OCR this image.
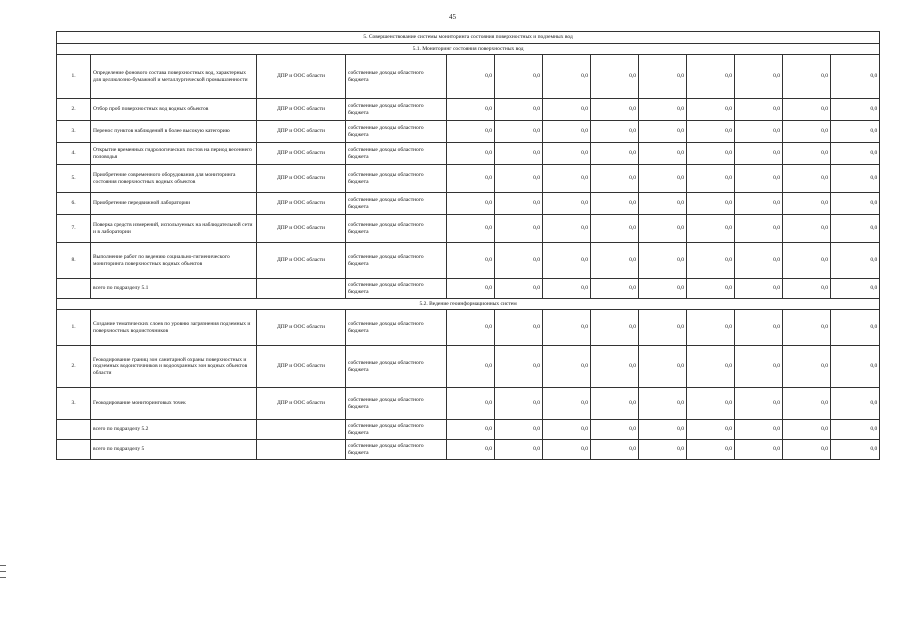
45
5. Совершенствование системы мониторинга состояния поверхностных и подземных вод												
5.1. Мониторинг состояния поверхностных вод												
1.	Определение фонового состава поверхностных вод, характерных для целлюлозно-бумажной и металлургической промышленности	ДПР и ООС области	собственные доходы областного бюджета	0,0	0,0	0,0	0,0	0,0	0,0	0,0	0,0	0,0
2.	Отбор проб поверхностных вод водных объектов	ДПР и ООС области	собственные доходы областного бюджета	0,0	0,0	0,0	0,0	0,0	0,0	0,0	0,0	0,0
3.	Перенос пунктов наблюдений в более высокую категорию	ДПР и ООС области	собственные доходы областного бюджета	0,0	0,0	0,0	0,0	0,0	0,0	0,0	0,0	0,0
4.	Открытие временных гидрологических постов на период весеннего половодья	ДПР и ООС области	собственные доходы областного бюджета	0,0	0,0	0,0	0,0	0,0	0,0	0,0	0,0	0,0
5.	Приобретение современного оборудования для мониторинга состояния поверхностных водных объектов	ДПР и ООС области	собственные доходы областного бюджета	0,0	0,0	0,0	0,0	0,0	0,0	0,0	0,0	0,0
6.	Приобретение передвижной лаборатории	ДПР и ООС области	собственные доходы областного бюджета	0,0	0,0	0,0	0,0	0,0	0,0	0,0	0,0	0,0
7.	Поверка средств измерений, используемых на наблюдательной сети и в лаборатории	ДПР и ООС области	собственные доходы областного бюджета	0,0	0,0	0,0	0,0	0,0	0,0	0,0	0,0	0,0
8.	Выполнение работ по ведению социально-гигиенического мониторинга поверхностных водных объектов	ДПР и ООС области	собственные доходы областного бюджета	0,0	0,0	0,0	0,0	0,0	0,0	0,0	0,0	0,0
	всего по подразделу 5.1		собственные доходы областного бюджета	0,0	0,0	0,0	0,0	0,0	0,0	0,0	0,0	0,0
5.2. Ведение геоинформационных систем												
1.	Создание тематических слоев по уровню загрязнения подземных и поверхностных водоисточников	ДПР и ООС области	собственные доходы областного бюджета	0,0	0,0	0,0	0,0	0,0	0,0	0,0	0,0	0,0
2.	Геокодирование границ зон санитарной охраны поверхностных и подземных водоисточников и водоохранных зон водных объектов области	ДПР и ООС области	собственные доходы областного бюджета	0,0	0,0	0,0	0,0	0,0	0,0	0,0	0,0	0,0
3.	Геокодирование мониторинговых точек	ДПР и ООС области	собственные доходы областного бюджета	0,0	0,0	0,0	0,0	0,0	0,0	0,0	0,0	0,0
	всего по подразделу 5.2		собственные доходы областного бюджета	0,0	0,0	0,0	0,0	0,0	0,0	0,0	0,0	0,0
	всего по подразделу 5		собственные доходы областного бюджета	0,0	0,0	0,0	0,0	0,0	0,0	0,0	0,0	0,0
